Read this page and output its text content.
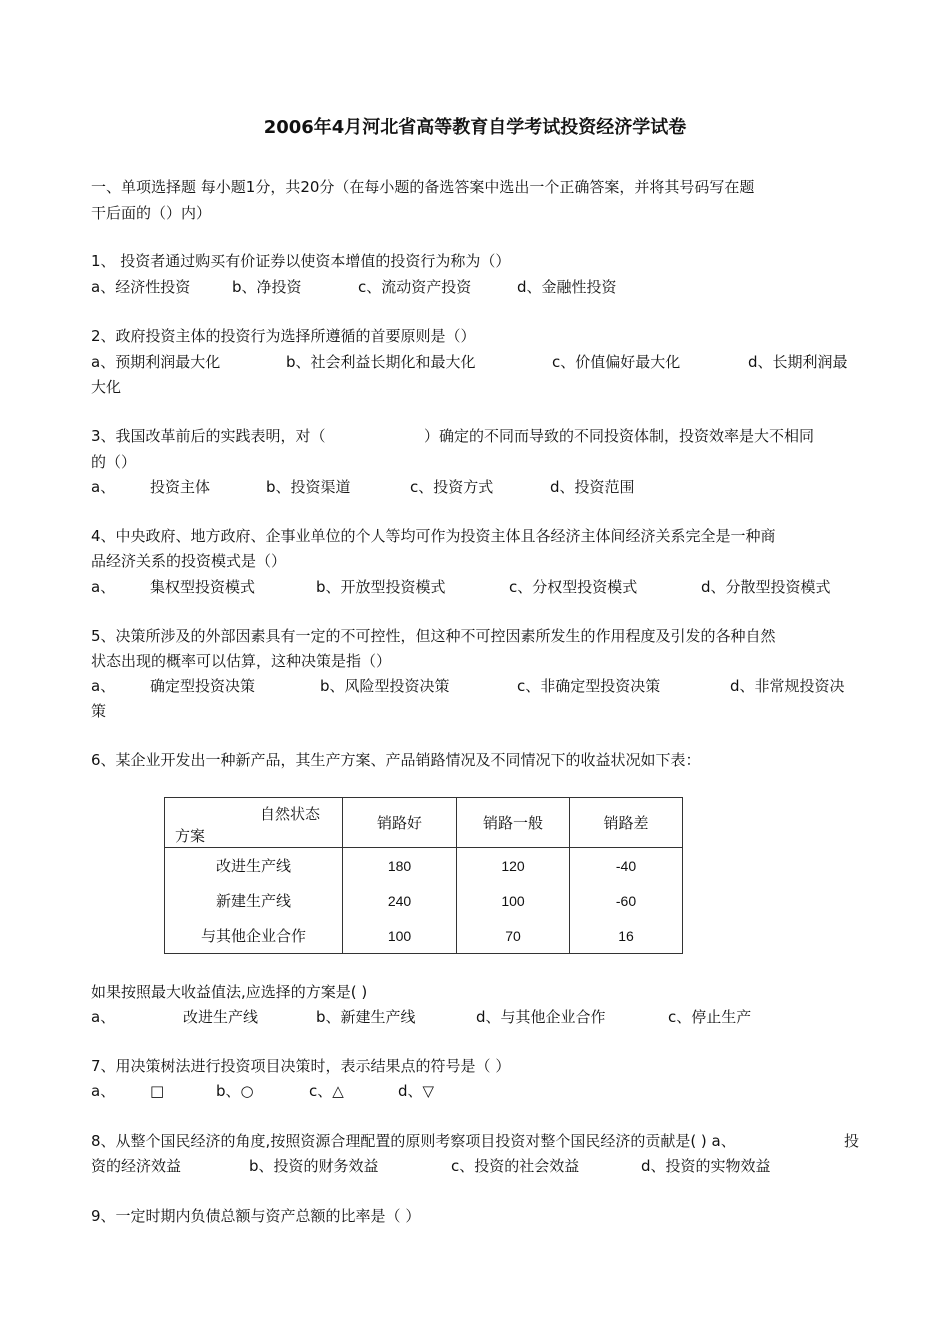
2006年4月河北省高等教育自学考试投资经济学试卷
一、单项选择题 每小题1分，共20分（在每小题的备选答案中选出一个正确答案，并将其号码写在题
干后面的（）内）
1、 投资者通过购买有价证券以使资本增值的投资行为称为（）
a、经济性投资	b、净投资	c、流动资产投资	d、金融性投资
2、政府投资主体的投资行为选择所遵循的首要原则是（）
a、预期利润最大化	b、社会利益长期化和最大化	c、价值偏好最大化	d、长期利润最
大化
3、我国改革前后的实践表明，对（	）确定的不同而导致的不同投资体制，投资效率是大不相同
的（）
a、 投资主体	b、投资渠道	c、投资方式	d、投资范围
4、中央政府、地方政府、企事业单位的个人等均可作为投资主体且各经济主体间经济关系完全是一种商
品经济关系的投资模式是（）
a、 集权型投资模式	b、开放型投资模式	c、分权型投资模式	d、分散型投资模式
5、决策所涉及的外部因素具有一定的不可控性，但这种不可控因素所发生的作用程度及引发的各种自然
状态出现的概率可以估算，这种决策是指（）
a、 确定型投资决策	b、风险型投资决策	c、非确定型投资决策	d、非常规投资决
策
6、某企业开发出一种新产品，其生产方案、产品销路情况及不同情况下的收益状况如下表：
自然状态
方案	销路好	销路一般	销路差
改进生产线	180	120	-40
新建生产线	240	100	-60
与其他企业合作	100	70	16
如果按照最大收益值法,应选择的方案是( )
a、	改进生产线	b、新建生产线	d、与其他企业合作	c、停止生产
7、用决策树法进行投资项目决策时，表示结果点的符号是（ ）
a、 □	b、○	c、△	d、▽
8、从整个国民经济的角度,按照资源合理配置的原则考察项目投资对整个国民经济的贡献是( ) a、	投
资的经济效益	b、投资的财务效益	c、投资的社会效益	d、投资的实物效益
9、一定时期内负债总额与资产总额的比率是（ ）
